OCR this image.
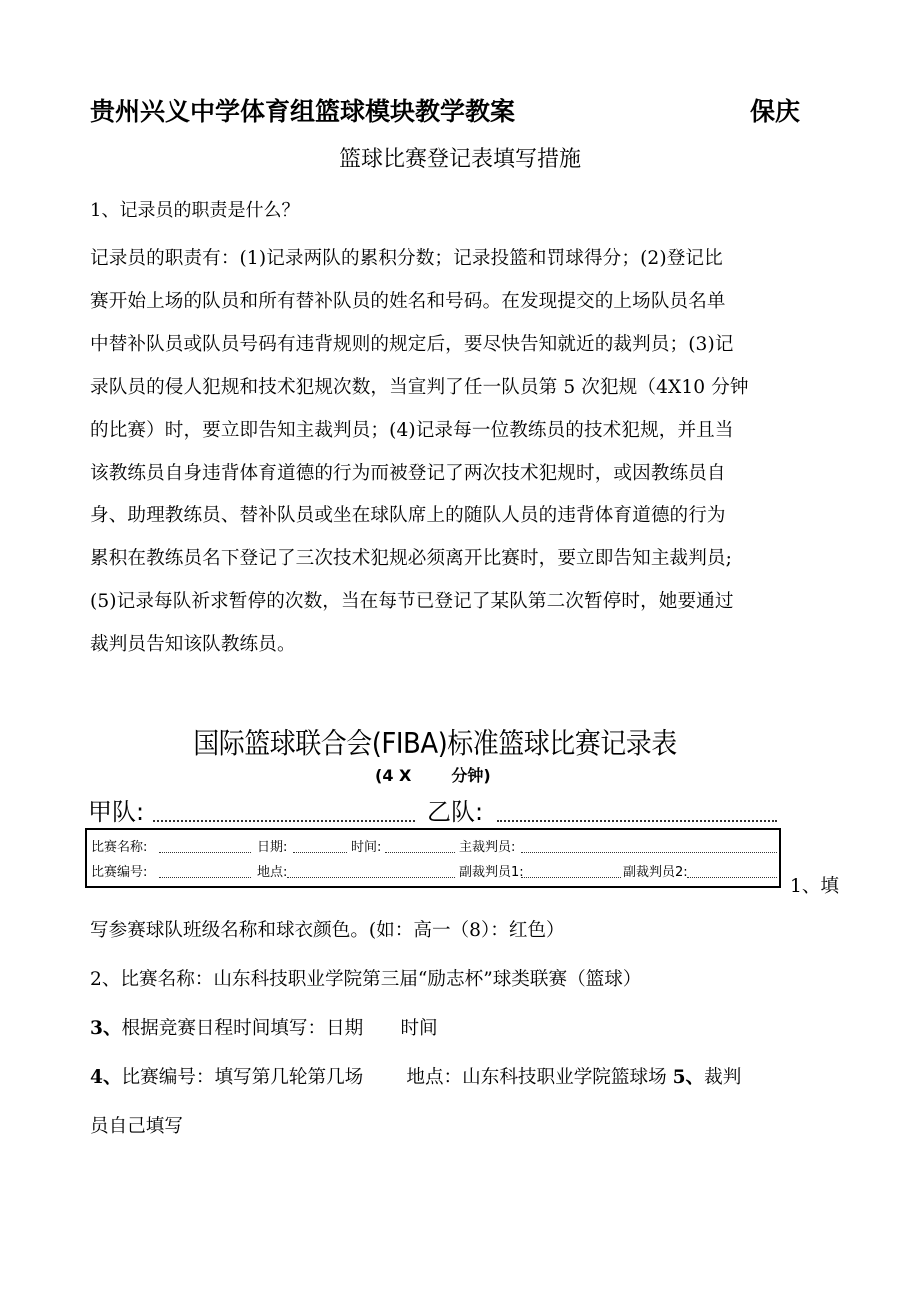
贵州兴义中学体育组篮球模块教学教案	保庆
篮球比赛登记表填写措施
1、记录员的职责是什么？
记录员的职责有：(1)记录两队的累积分数；记录投篮和罚球得分；(2)登记比
赛开始上场的队员和所有替补队员的姓名和号码。在发现提交的上场队员名单
中替补队员或队员号码有违背规则的规定后，要尽快告知就近的裁判员；(3)记
录队员的侵人犯规和技术犯规次数，当宣判了任一队员第 5 次犯规（4X10 分钟
的比赛）时，要立即告知主裁判员；(4)记录每一位教练员的技术犯规，并且当
该教练员自身违背体育道德的行为而被登记了两次技术犯规时，或因教练员自
身、助理教练员、替补队员或坐在球队席上的随队人员的违背体育道德的行为
累积在教练员名下登记了三次技术犯规必须离开比赛时，要立即告知主裁判员;
(5)记录每队祈求暂停的次数，当在每节已登记了某队第二次暂停时，她要通过
裁判员告知该队教练员。
国际篮球联合会(FIBA)标准篮球比赛记录表
(4 X	分钟)
甲队:	乙队:
比赛名称:	日期:	时间:	主裁判员:
比赛编号:	地点:	副裁判员1:	副裁判员2:
1、填
写参赛球队班级名称和球衣颜色。(如：高一（8）：红色）
2、比赛名称：山东科技职业学院第三届“励志杯”球类联赛（篮球）
3、根据竞赛日程时间填写：日期　　时间
4、比赛编号：填写第几轮第几场　　 地点：山东科技职业学院篮球场 5、裁判
员自己填写
